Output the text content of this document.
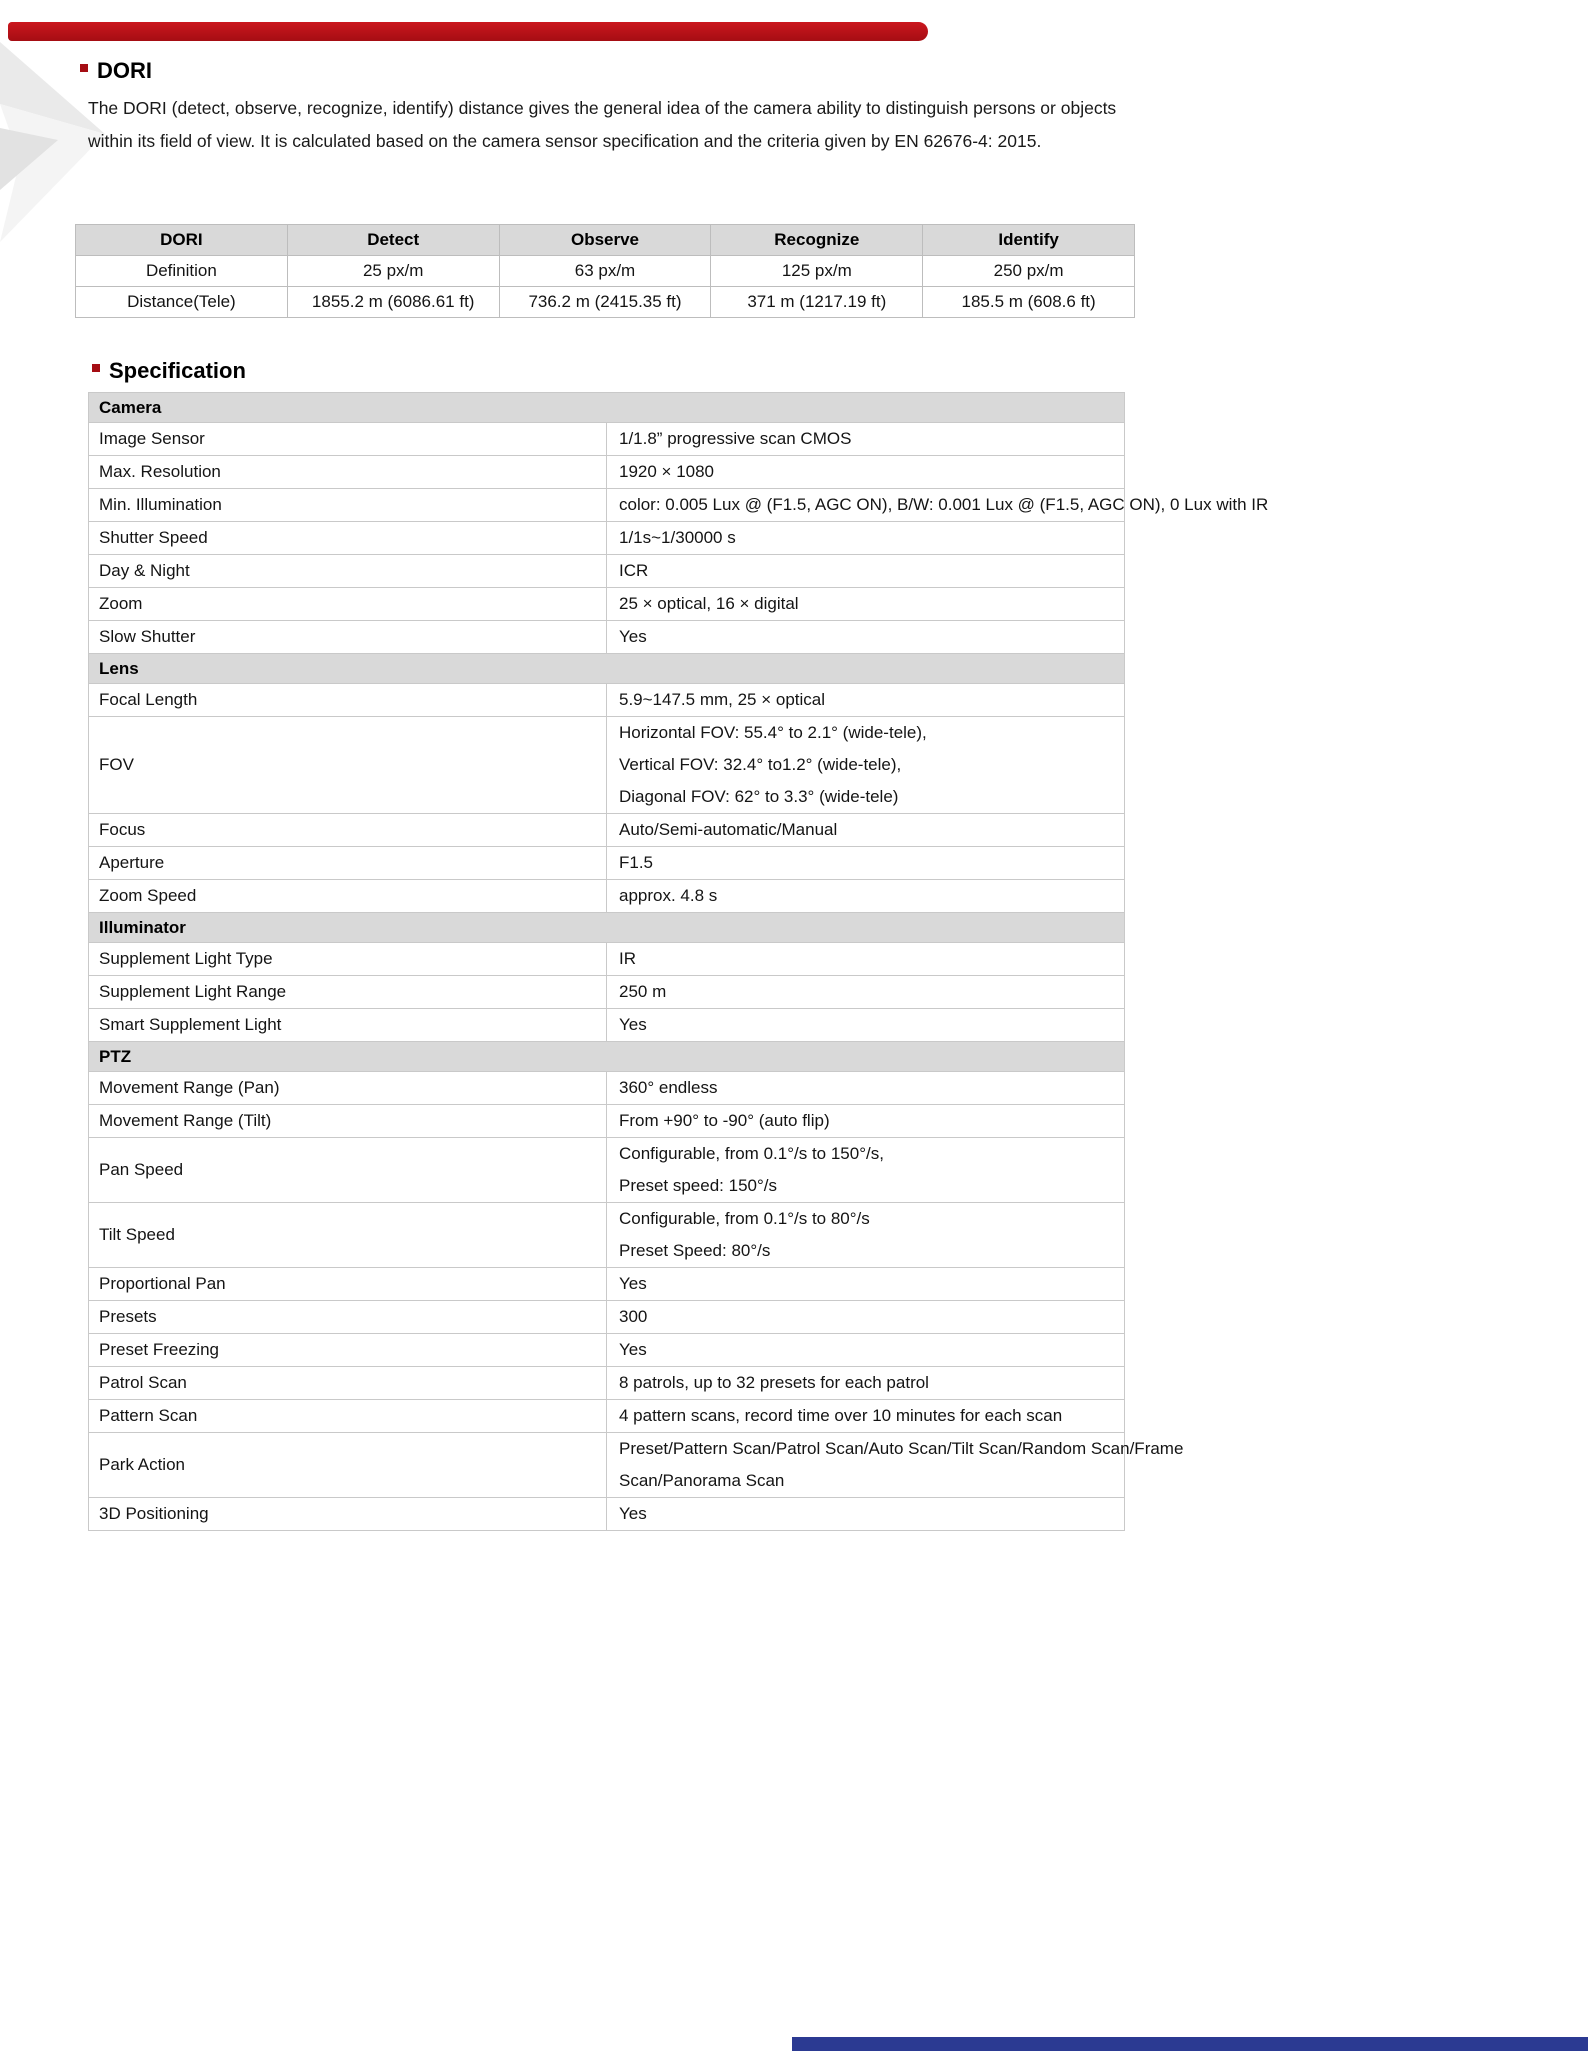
DORI

The DORI (detect, observe, recognize, identify) distance gives the general idea of the camera ability to distinguish persons or objects within its field of view. It is calculated based on the camera sensor specification and the criteria given by EN 62676-4: 2015.

DORI	Detect	Observe	Recognize	Identify
Definition	25 px/m	63 px/m	125 px/m	250 px/m
Distance(Tele)	1855.2 m (6086.61 ft)	736.2 m (2415.35 ft)	371 m (1217.19 ft)	185.5 m (608.6 ft)
Specification
Camera	
Image Sensor	1/1.8” progressive scan CMOS

Max. Resolution	1920 × 1080

Min. Illumination	color: 0.005 Lux @ (F1.5, AGC ON), B/W: 0.001 Lux @ (F1.5, AGC ON), 0 Lux with IR

Shutter Speed	1/1s~1/30000 s

Day & Night	ICR

Zoom	25 × optical, 16 × digital

Slow Shutter	Yes

Lens	
Focal Length	5.9~147.5 mm, 25 × optical

FOV	Horizontal FOV: 55.4° to 2.1° (wide-tele),
Vertical FOV: 32.4° to1.2° (wide-tele),
Diagonal FOV: 62° to 3.3° (wide-tele)

Focus	Auto/Semi-automatic/Manual

Aperture	F1.5

Zoom Speed	approx. 4.8 s

Illuminator	
Supplement Light Type	IR

Supplement Light Range	250 m

Smart Supplement Light	Yes

PTZ	
Movement Range (Pan)	360° endless

Movement Range (Tilt)	From +90° to -90° (auto flip)

Pan Speed	Configurable, from 0.1°/s to 150°/s,
Preset speed: 150°/s

Tilt Speed	Configurable, from 0.1°/s to 80°/s
Preset Speed: 80°/s

Proportional Pan	Yes

Presets	300

Preset Freezing	Yes

Patrol Scan	8 patrols, up to 32 presets for each patrol

Pattern Scan	4 pattern scans, record time over 10 minutes for each scan

Park Action	Preset/Pattern Scan/Patrol Scan/Auto Scan/Tilt Scan/Random Scan/Frame
Scan/Panorama Scan

3D Positioning	Yes
